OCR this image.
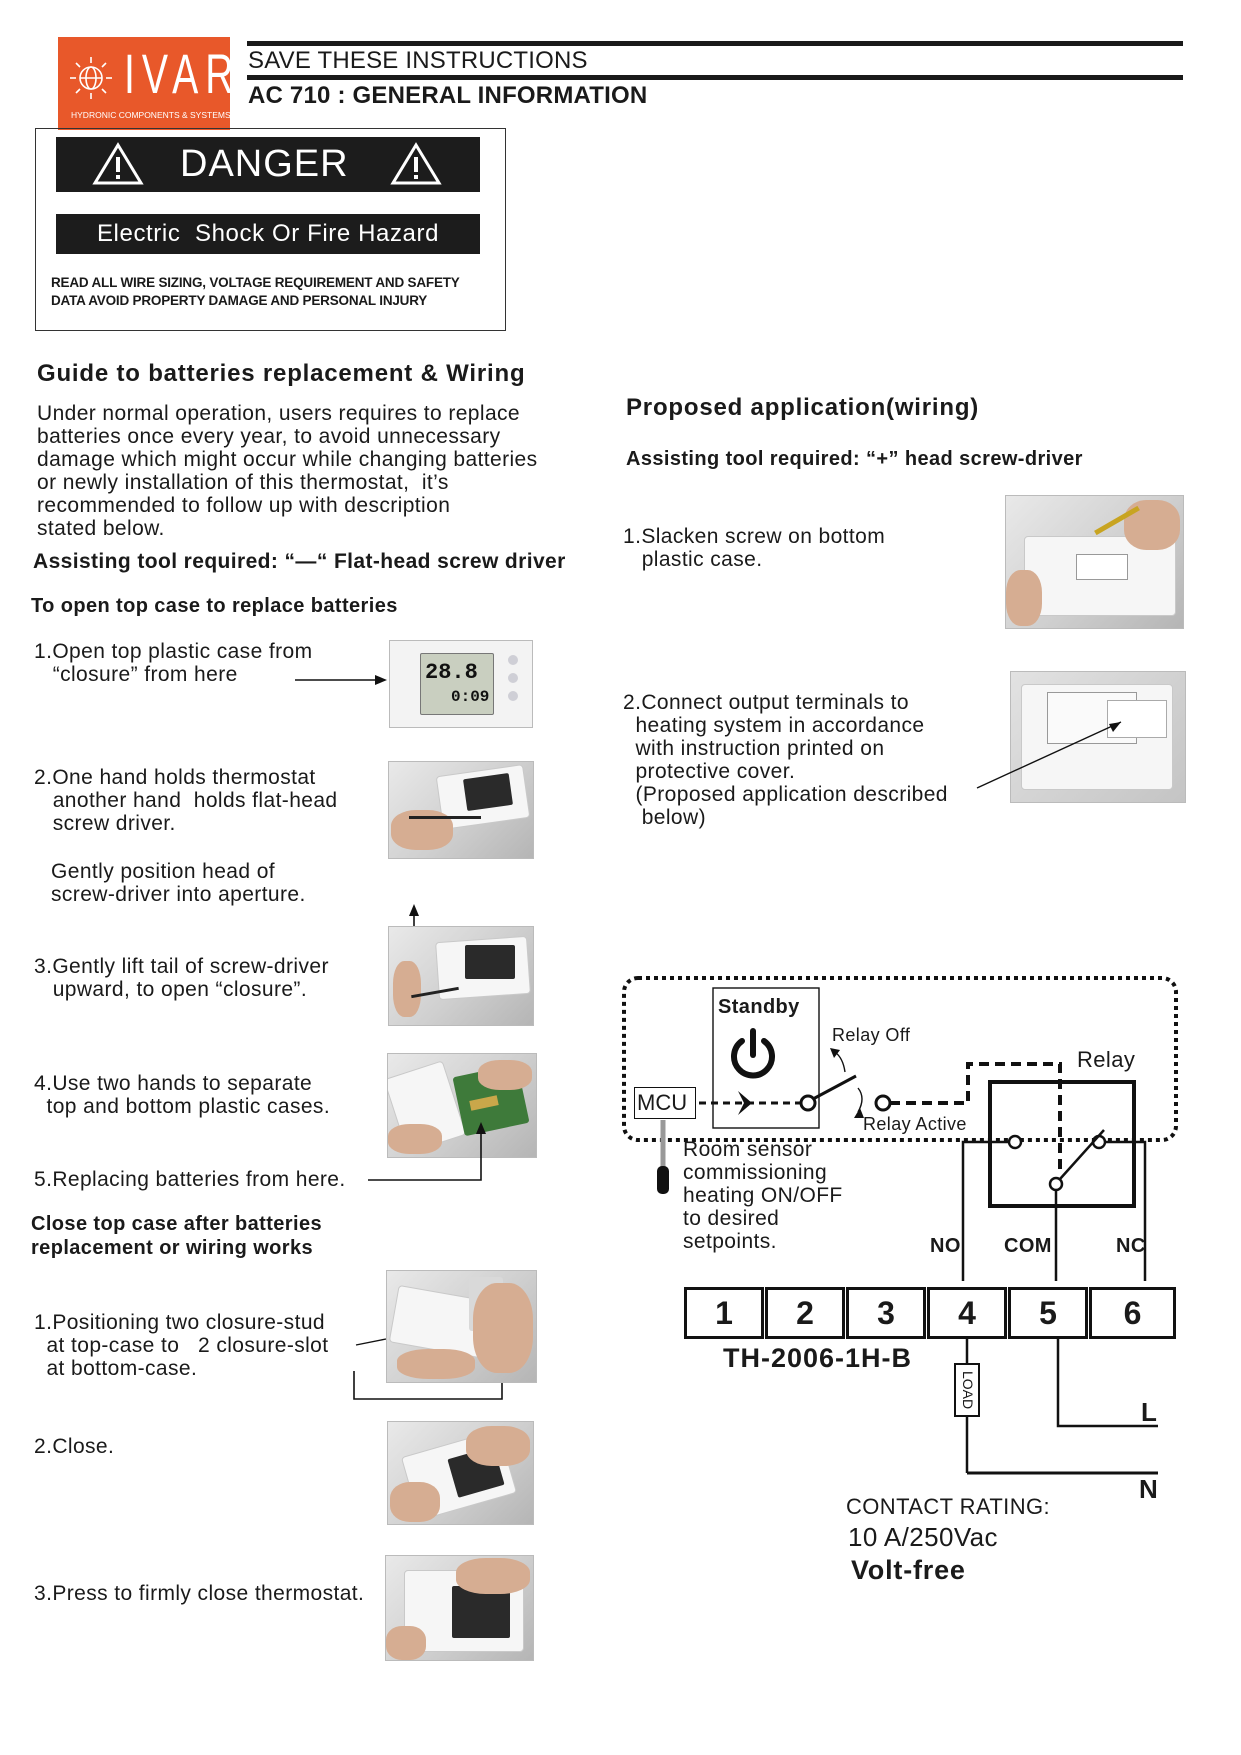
IVAR
HYDRONIC COMPONENTS & SYSTEMS
SAVE THESE INSTRUCTIONS
AC 710 : GENERAL INFORMATION
DANGER
Electric  Shock Or Fire Hazard
READ ALL WIRE SIZING, VOLTAGE REQUIREMENT AND SAFETY
DATA AVOID PROPERTY DAMAGE AND PERSONAL INJURY
Guide to batteries replacement & Wiring
Under normal operation, users requires to replace
batteries once every year, to avoid unnecessary
damage which might occur while changing batteries
or newly installation of this thermostat,  it’s
recommended to follow up with description
stated below.
Assisting tool required: “—“ Flat-head screw driver
To open top case to replace batteries
1.Open top plastic case from
“closure” from here	28.8
0:09
2.One hand holds thermostat
another hand  holds flat-head
screw driver.
Gently position head of
screw-driver into aperture.
3.Gently lift tail of screw-driver
upward, to open “closure”.
4.Use two hands to separate
top and bottom plastic cases.
5.Replacing batteries from here.
Close top case after batteries
replacement or wiring works
1.Positioning two closure-stud
at top-case to   2 closure-slot
at bottom-case.
2.Close.
3.Press to firmly close thermostat.
Proposed application(wiring)
Assisting tool required: “+” head screw-driver
1.Slacken screw on bottom
plastic case.
2.Connect output terminals to
heating system in accordance
with instruction printed on
protective cover.
(Proposed application described
below)
Standby
Relay Off
Relay Active
Relay
MCU
Room sensor
commissioning
heating ON/OFF
to desired
setpoints.	NO COM	NC
1	2	3	4	5	6
TH-2006-1H-B
LOAD
L
N
CONTACT RATING:
10 A/250Vac
Volt-free
